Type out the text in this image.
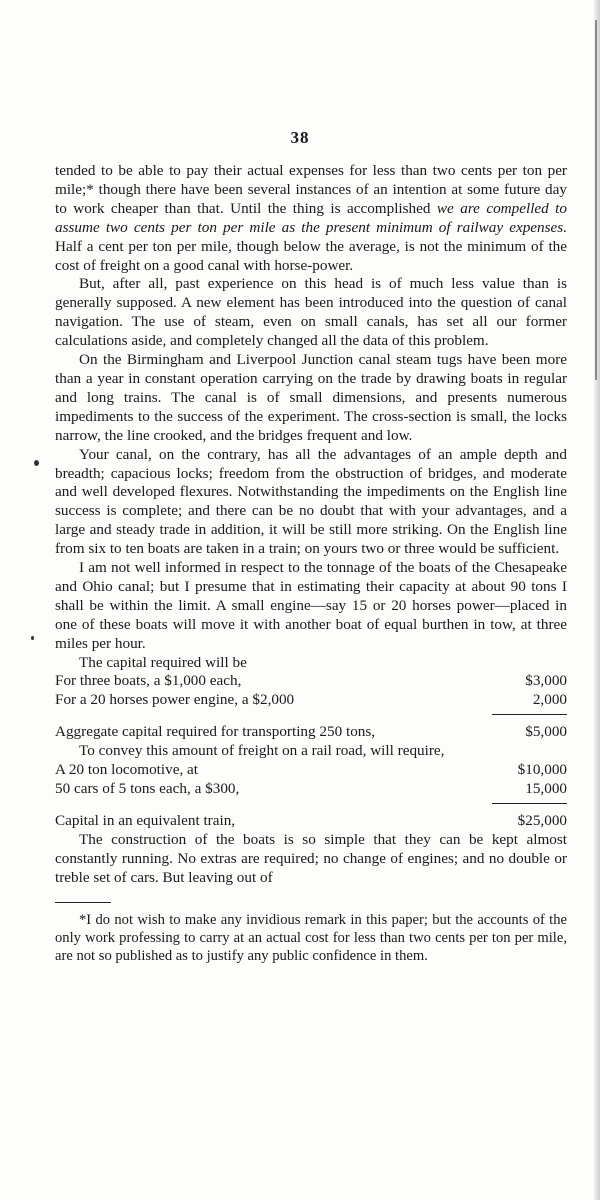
38

tended to be able to pay their actual expenses for less than two cents per ton per mile;* though there have been several instances of an intention at some future day to work cheaper than that. Until the thing is accomplished we are compelled to assume two cents per ton per mile as the present minimum of railway expenses. Half a cent per ton per mile, though below the average, is not the minimum of the cost of freight on a good canal with horse-power.

But, after all, past experience on this head is of much less value than is generally supposed. A new element has been introduced into the question of canal navigation. The use of steam, even on small canals, has set all our former calculations aside, and completely changed all the data of this problem.

On the Birmingham and Liverpool Junction canal steam tugs have been more than a year in constant operation carrying on the trade by drawing boats in regular and long trains. The canal is of small dimensions, and presents numerous impediments to the success of the experiment. The cross-section is small, the locks narrow, the line crooked, and the bridges frequent and low.

Your canal, on the contrary, has all the advantages of an ample depth and breadth; capacious locks; freedom from the obstruction of bridges, and moderate and well developed flexures. Notwithstanding the impediments on the English line success is complete; and there can be no doubt that with your advantages, and a large and steady trade in addition, it will be still more striking. On the English line from six to ten boats are taken in a train; on yours two or three would be sufficient.

I am not well informed in respect to the tonnage of the boats of the Chesapeake and Ohio canal; but I presume that in estimating their capacity at about 90 tons I shall be within the limit. A small engine—say 15 or 20 horses power—placed in one of these boats will move it with another boat of equal burthen in tow, at three miles per hour.

The capital required will be
For three boats, a $1,000 each,	$3,000
For a 20 horses power engine, a $2,000	2,000
Aggregate capital required for transporting 250 tons,	$5,000
To convey this amount of freight on a rail road, will require,
A 20 ton locomotive, at	$10,000
50 cars of 5 tons each, a $300,	15,000
Capital in an equivalent train,	$25,000

The construction of the boats is so simple that they can be kept almost constantly running. No extras are required; no change of engines; and no double or treble set of cars. But leaving out of

*I do not wish to make any invidious remark in this paper; but the accounts of the only work professing to carry at an actual cost for less than two cents per ton per mile, are not so published as to justify any public confidence in them.
